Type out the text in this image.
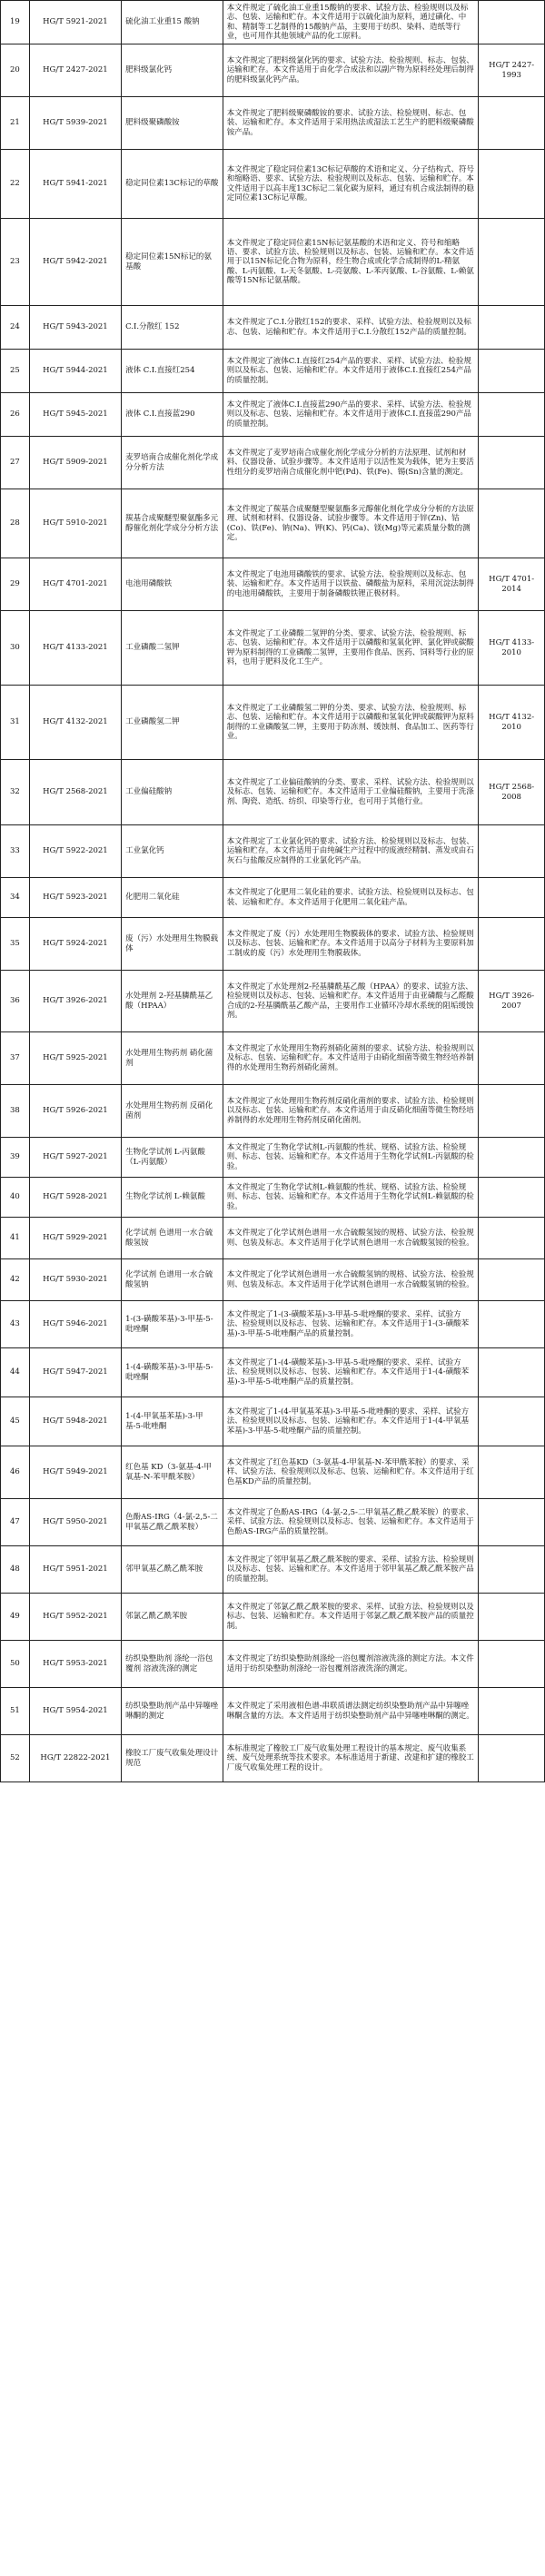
19	HG/T 5921-2021	硫化油工业重15 酸钠	本文件规定了硫化油工业重15酸钠的要求、试验方法、检验规则以及标志、包装、运输和贮存。本文件适用于以硫化油为原料，通过磺化、中和、精制等工艺制得的15酸钠产品，主要用于纺织、染料、造纸等行业，也可用作其他领域产品的化工原料。	
20	HG/T 2427-2021	肥料级氯化钙	本文件规定了肥料级氯化钙的要求、试验方法、检验规则、标志、包装、运输和贮存。本文件适用于由化学合成法和以副产物为原料经处理后制得的肥料级氯化钙产品。	HG/T 2427-1993
21	HG/T 5939-2021	肥料级聚磷酸铵	本文件规定了肥料级聚磷酸铵的要求、试验方法、检验规则、标志、包装、运输和贮存。本文件适用于采用热法或湿法工艺生产的肥料级聚磷酸铵产品。	
22	HG/T 5941-2021	稳定同位素13C标记的草酸	本文件规定了稳定同位素13C标记草酸的术语和定义、分子结构式、符号和缩略语、要求、试验方法、检验规则以及标志、包装、运输和贮存。本文件适用于以高丰度13C标记二氧化碳为原料，通过有机合成法制得的稳定同位素13C标记草酸。	
23	HG/T 5942-2021	稳定同位素15N标记的氨基酸	本文件规定了稳定同位素15N标记氨基酸的术语和定义、符号和缩略语、要求、试验方法、检验规则以及标志、包装、运输和贮存。本文件适用于以15N标记化合物为原料，经生物合成或化学合成制得的L-精氨酸、L-丙氨酸、L-天冬氨酸、L-亮氨酸、L-苯丙氨酸、L-谷氨酸、L-赖氨酸等15N标记氨基酸。	
24	HG/T 5943-2021	C.I.分散红 152	本文件规定了C.I.分散红152的要求、采样、试验方法、检验规则以及标志、包装、运输和贮存。本文件适用于C.I.分散红152产品的质量控制。	
25	HG/T 5944-2021	液体 C.I.直接红254	本文件规定了液体C.I.直接红254产品的要求、采样、试验方法、检验规则以及标志、包装、运输和贮存。本文件适用于液体C.I.直接红254产品的质量控制。	
26	HG/T 5945-2021	液体 C.I.直接蓝290	本文件规定了液体C.I.直接蓝290产品的要求、采样、试验方法、检验规则以及标志、包装、运输和贮存。本文件适用于液体C.I.直接蓝290产品的质量控制。	
27	HG/T 5909-2021	麦罗培南合成催化剂化学成分分析方法	本文件规定了麦罗培南合成催化剂化学成分分析的方法原理、试剂和材料、仪器设备、试验步骤等。本文件适用于以活性炭为载体，钯为主要活性组分的麦罗培南合成催化剂中钯(Pd)、铁(Fe)、锡(Sn)含量的测定。	
28	HG/T 5910-2021	羰基合成聚醚型聚氨酯多元醇催化剂化学成分分析方法	本文件规定了羰基合成聚醚型聚氨酯多元醇催化剂化学成分分析的方法原理、试剂和材料、仪器设备、试验步骤等。本文件适用于锌(Zn)、钴(Co)、铁(Fe)、钠(Na)、钾(K)、钙(Ca)、镁(Mg)等元素质量分数的测定。	
29	HG/T 4701-2021	电池用磷酸铁	本文件规定了电池用磷酸铁的要求、试验方法、检验规则以及标志、包装、运输和贮存。本文件适用于以铁盐、磷酸盐为原料，采用沉淀法制得的电池用磷酸铁，主要用于制备磷酸铁锂正极材料。	HG/T 4701-2014
30	HG/T 4133-2021	工业磷酸二氢钾	本文件规定了工业磷酸二氢钾的分类、要求、试验方法、检验规则、标志、包装、运输和贮存。本文件适用于以磷酸和氢氧化钾、氯化钾或碳酸钾为原料制得的工业磷酸二氢钾，主要用作食品、医药、饲料等行业的原料，也用于肥料及化工生产。	HG/T 4133-2010
31	HG/T 4132-2021	工业磷酸氢二钾	本文件规定了工业磷酸氢二钾的分类、要求、试验方法、检验规则、标志、包装、运输和贮存。本文件适用于以磷酸和氢氧化钾或碳酸钾为原料制得的工业磷酸氢二钾，主要用于防冻剂、缓蚀剂、食品加工、医药等行业。	HG/T 4132-2010
32	HG/T 2568-2021	工业偏硅酸钠	本文件规定了工业偏硅酸钠的分类、要求、采样、试验方法、检验规则以及标志、包装、运输和贮存。本文件适用于工业偏硅酸钠，主要用于洗涤剂、陶瓷、造纸、纺织、印染等行业，也可用于其他行业。	HG/T 2568-2008
33	HG/T 5922-2021	工业氯化钙	本文件规定了工业氯化钙的要求、试验方法、检验规则以及标志、包装、运输和贮存。本文件适用于由纯碱生产过程中的废液经精制、蒸发或由石灰石与盐酸反应制得的工业氯化钙产品。	
34	HG/T 5923-2021	化肥用二氧化硅	本文件规定了化肥用二氧化硅的要求、试验方法、检验规则以及标志、包装、运输和贮存。本文件适用于化肥用二氧化硅产品。	
35	HG/T 5924-2021	废（污）水处理用生物膜载体	本文件规定了废（污）水处理用生物膜载体的要求、试验方法、检验规则以及标志、包装、运输和贮存。本文件适用于以高分子材料为主要原料加工制成的废（污）水处理用生物膜载体。	
36	HG/T 3926-2021	水处理剂 2-羟基膦酰基乙酸（HPAA）	本文件规定了水处理剂2-羟基膦酰基乙酸（HPAA）的要求、试验方法、检验规则以及标志、包装、运输和贮存。本文件适用于由亚磷酸与乙醛酸合成的2-羟基膦酰基乙酸产品，主要用作工业循环冷却水系统的阻垢缓蚀剂。	HG/T 3926-2007
37	HG/T 5925-2021	水处理用生物药剂 硝化菌剂	本文件规定了水处理用生物药剂硝化菌剂的要求、试验方法、检验规则以及标志、包装、运输和贮存。本文件适用于由硝化细菌等微生物经培养制得的水处理用生物药剂硝化菌剂。	
38	HG/T 5926-2021	水处理用生物药剂 反硝化菌剂	本文件规定了水处理用生物药剂反硝化菌剂的要求、试验方法、检验规则以及标志、包装、运输和贮存。本文件适用于由反硝化细菌等微生物经培养制得的水处理用生物药剂反硝化菌剂。	
39	HG/T 5927-2021	生物化学试剂 L-丙氨酸（L-丙氨酸）	本文件规定了生物化学试剂L-丙氨酸的性状、规格、试验方法、检验规则、标志、包装、运输和贮存。本文件适用于生物化学试剂L-丙氨酸的检验。	
40	HG/T 5928-2021	生物化学试剂 L-赖氨酸	本文件规定了生物化学试剂L-赖氨酸的性状、规格、试验方法、检验规则、标志、包装、运输和贮存。本文件适用于生物化学试剂L-赖氨酸的检验。	
41	HG/T 5929-2021	化学试剂 色谱用一水合硫酸氢铵	本文件规定了化学试剂色谱用一水合硫酸氢铵的规格、试验方法、检验规则、包装及标志。本文件适用于化学试剂色谱用一水合硫酸氢铵的检验。	
42	HG/T 5930-2021	化学试剂 色谱用一水合硫酸氢钠	本文件规定了化学试剂色谱用一水合硫酸氢钠的规格、试验方法、检验规则、包装及标志。本文件适用于化学试剂色谱用一水合硫酸氢钠的检验。	
43	HG/T 5946-2021	1-(3-磺酸苯基)-3-甲基-5-吡唑酮	本文件规定了1-(3-磺酸苯基)-3-甲基-5-吡唑酮的要求、采样、试验方法、检验规则以及标志、包装、运输和贮存。本文件适用于1-(3-磺酸苯基)-3-甲基-5-吡唑酮产品的质量控制。	
44	HG/T 5947-2021	1-(4-磺酸苯基)-3-甲基-5-吡唑酮	本文件规定了1-(4-磺酸苯基)-3-甲基-5-吡唑酮的要求、采样、试验方法、检验规则以及标志、包装、运输和贮存。本文件适用于1-(4-磺酸苯基)-3-甲基-5-吡唑酮产品的质量控制。	
45	HG/T 5948-2021	1-(4-甲氧基苯基)-3-甲基-5-吡唑酮	本文件规定了1-(4-甲氧基苯基)-3-甲基-5-吡唑酮的要求、采样、试验方法、检验规则以及标志、包装、运输和贮存。本文件适用于1-(4-甲氧基苯基)-3-甲基-5-吡唑酮产品的质量控制。	
46	HG/T 5949-2021	红色基 KD（3-氨基-4-甲氧基-N-苯甲酰苯胺）	本文件规定了红色基KD（3-氨基-4-甲氧基-N-苯甲酰苯胺）的要求、采样、试验方法、检验规则以及标志、包装、运输和贮存。本文件适用于红色基KD产品的质量控制。	
47	HG/T 5950-2021	色酚AS-IRG（4-氯-2,5-二甲氧基乙酰乙酰苯胺）	本文件规定了色酚AS-IRG（4-氯-2,5-二甲氧基乙酰乙酰苯胺）的要求、采样、试验方法、检验规则以及标志、包装、运输和贮存。本文件适用于色酚AS-IRG产品的质量控制。	
48	HG/T 5951-2021	邻甲氧基乙酰乙酰苯胺	本文件规定了邻甲氧基乙酰乙酰苯胺的要求、采样、试验方法、检验规则以及标志、包装、运输和贮存。本文件适用于邻甲氧基乙酰乙酰苯胺产品的质量控制。	
49	HG/T 5952-2021	邻氯乙酰乙酰苯胺	本文件规定了邻氯乙酰乙酰苯胺的要求、采样、试验方法、检验规则以及标志、包装、运输和贮存。本文件适用于邻氯乙酰乙酰苯胺产品的质量控制。	
50	HG/T 5953-2021	纺织染整助剂 涤纶一浴包覆剂 溶液洗涤的测定	本文件规定了纺织染整助剂涤纶一浴包覆剂溶液洗涤的测定方法。本文件适用于纺织染整助剂涤纶一浴包覆剂溶液洗涤的测定。	
51	HG/T 5954-2021	纺织染整助剂产品中异噻唑啉酮的测定	本文件规定了采用液相色谱-串联质谱法测定纺织染整助剂产品中异噻唑啉酮含量的方法。本文件适用于纺织染整助剂产品中异噻唑啉酮的测定。	
52	HG/T 22822-2021	橡胶工厂废气收集处理设计规范	本标准规定了橡胶工厂废气收集处理工程设计的基本规定、废气收集系统、废气处理系统等技术要求。本标准适用于新建、改建和扩建的橡胶工厂废气收集处理工程的设计。	
